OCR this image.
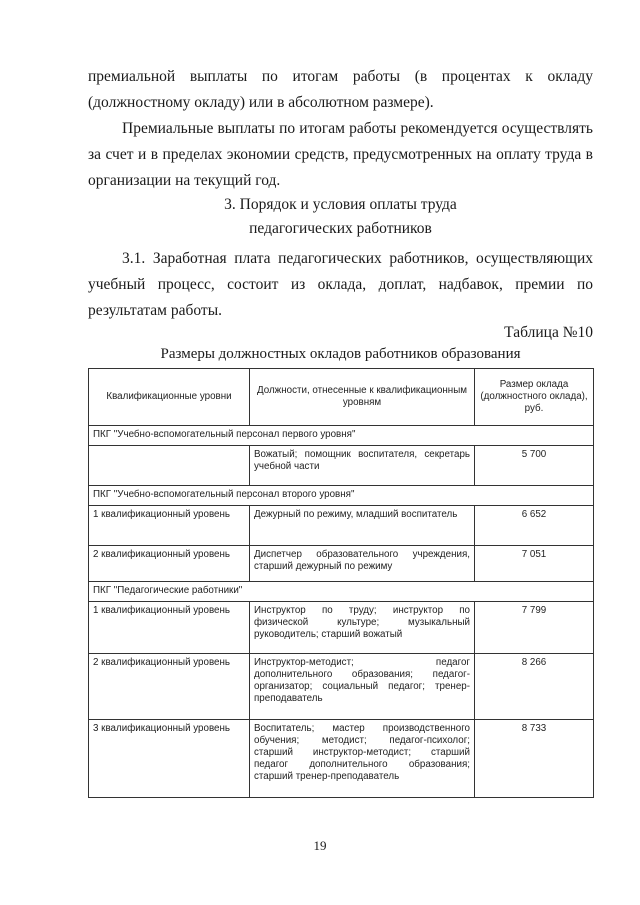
премиальной выплаты по итогам работы (в процентах к окладу (должностному окладу) или в абсолютном размере).

Премиальные выплаты по итогам работы рекомендуется осуществлять за счет и в пределах экономии средств, предусмотренных на оплату труда в организации на текущий год.

3. Порядок и условия оплаты труда

педагогических работников

3.1. Заработная плата педагогических работников, осуществляющих учебный процесс, состоит из оклада, доплат, надбавок, премии по результатам работы.

Таблица №10

Размеры должностных окладов работников образования

Квалификационные уровни	Должности, отнесенные к квалификационным уровням	Размер оклада (должностного оклада), руб.
ПКГ "Учебно-вспомогательный персонал первого уровня"		
	Вожатый; помощник воспитателя, секретарь учебной части	5 700
ПКГ "Учебно-вспомогательный персонал второго уровня"		
1 квалификационный уровень	Дежурный по режиму, младший воспитатель	6 652
2 квалификационный уровень	Диспетчер образовательного учреждения, старший дежурный по режиму	7 051
ПКГ "Педагогические работники"		
1 квалификационный уровень	Инструктор по труду; инструктор по физической культуре; музыкальный руководитель; старший вожатый	7 799
2 квалификационный уровень	Инструктор-методист; педагог дополнительного образования; педагог-организатор; социальный педагог; тренер-преподаватель	8 266
3 квалификационный уровень	Воспитатель; мастер производственного обучения; методист; педагог-психолог; старший инструктор-методист; старший педагог дополнительного образования; старший тренер-преподаватель	8 733
19
